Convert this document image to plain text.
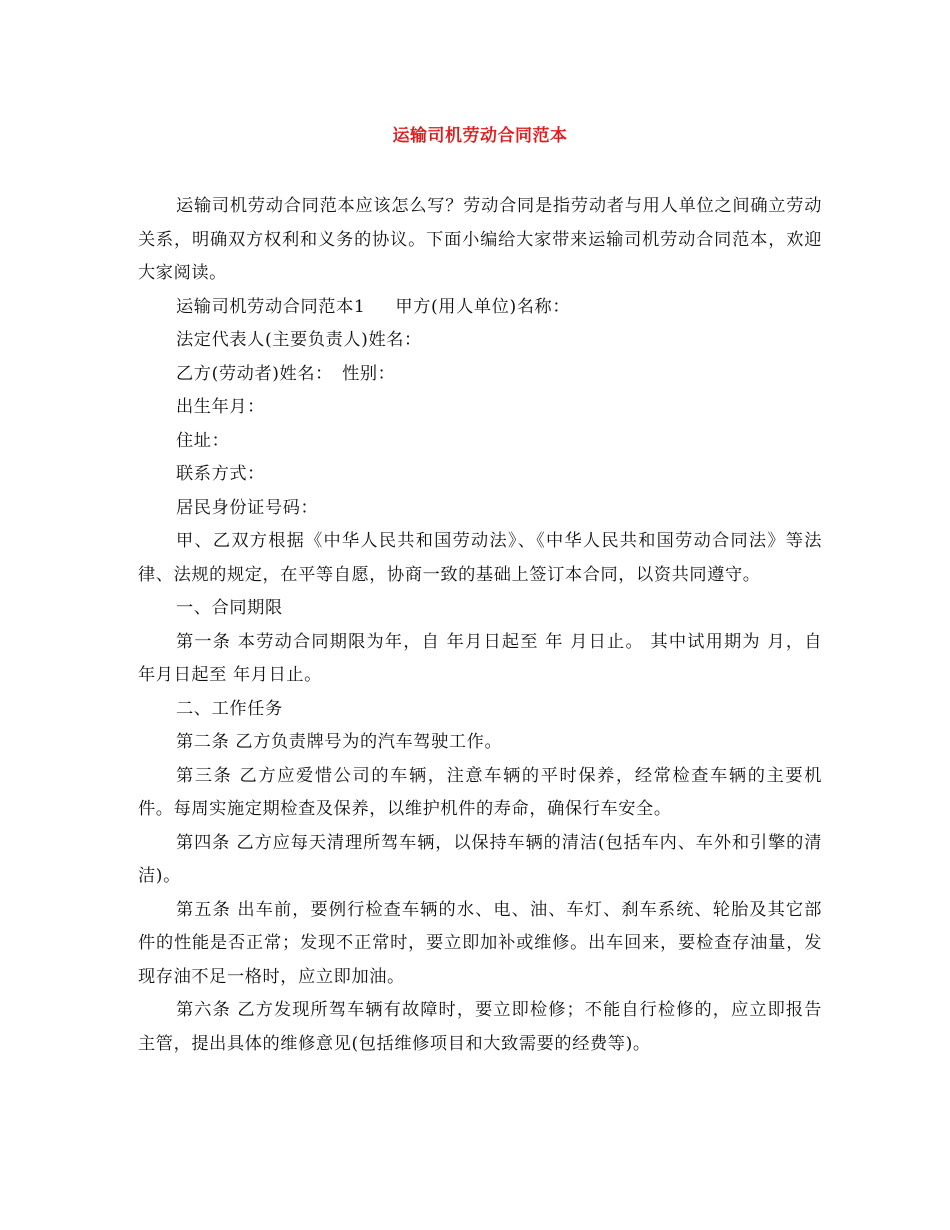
运输司机劳动合同范本

运输司机劳动合同范本应该怎么写？劳动合同是指劳动者与用人单位之间确立劳动关系，明确双方权利和义务的协议。下面小编给大家带来运输司机劳动合同范本，欢迎大家阅读。

运输司机劳动合同范本1 甲方(用人单位)名称：

法定代表人(主要负责人)姓名：

乙方(劳动者)姓名：　性别：

出生年月：

住址：

联系方式：

居民身份证号码：

甲、乙双方根据《中华人民共和国劳动法》、《中华人民共和国劳动合同法》等法律、法规的规定，在平等自愿，协商一致的基础上签订本合同，以资共同遵守。

一、合同期限

第一条 本劳动合同期限为年，自 年月日起至 年 月日止。 其中试用期为 月，自 年月日起至 年月日止。

二、工作任务

第二条 乙方负责牌号为的汽车驾驶工作。

第三条 乙方应爱惜公司的车辆，注意车辆的平时保养，经常检查车辆的主要机件。每周实施定期检查及保养，以维护机件的寿命，确保行车安全。

第四条 乙方应每天清理所驾车辆，以保持车辆的清洁(包括车内、车外和引擎的清洁)。

第五条 出车前，要例行检查车辆的水、电、油、车灯、刹车系统、轮胎及其它部件的性能是否正常；发现不正常时，要立即加补或维修。出车回来，要检查存油量，发现存油不足一格时，应立即加油。

第六条 乙方发现所驾车辆有故障时，要立即检修；不能自行检修的，应立即报告主管，提出具体的维修意见(包括维修项目和大致需要的经费等)。
